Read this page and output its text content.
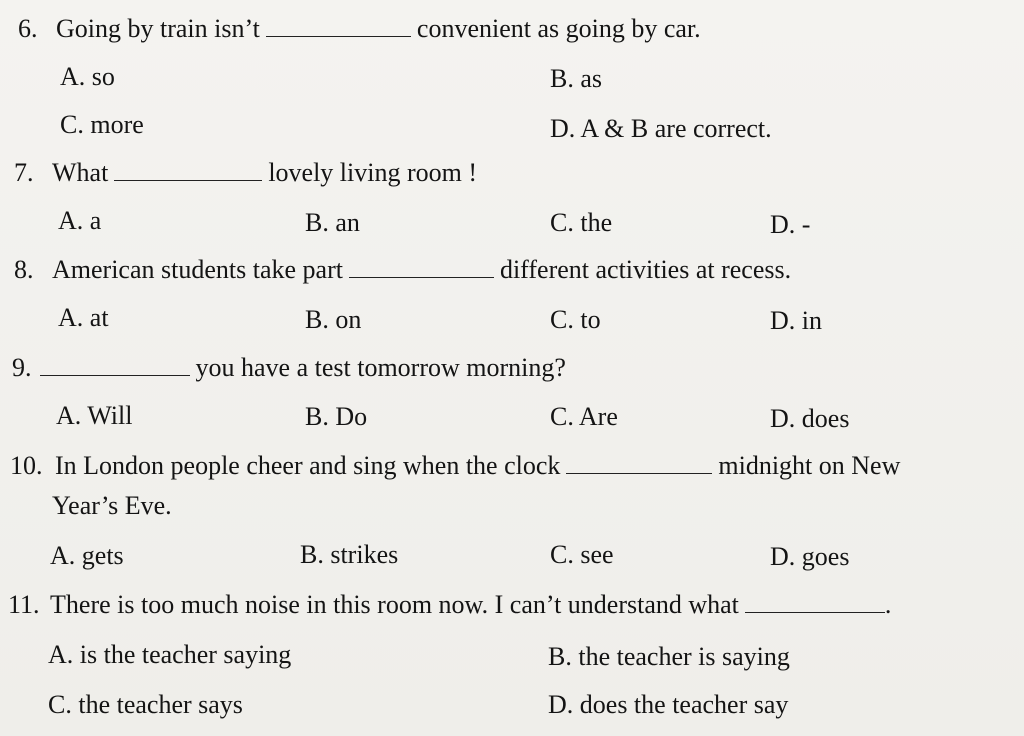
6. Going by train isn’t	convenient as going by car.
A. so	B. as
C. more	D. A & B are correct.
7. What	lovely living room !
A. a	B. an	C. the	D. -
8. American students take part	different activities at recess.
A. at	B. on	C. to	D. in
9.	you have a test tomorrow morning?
A. Will	B. Do	C. Are	D. does
10. In London people cheer and sing when the clock	midnight on New
Year’s Eve.
A. gets	B. strikes	C. see	D. goes
11. There is too much noise in this room now. I can’t understand what	.
A. is the teacher saying	B. the teacher is saying
C. the teacher says	D. does the teacher say
